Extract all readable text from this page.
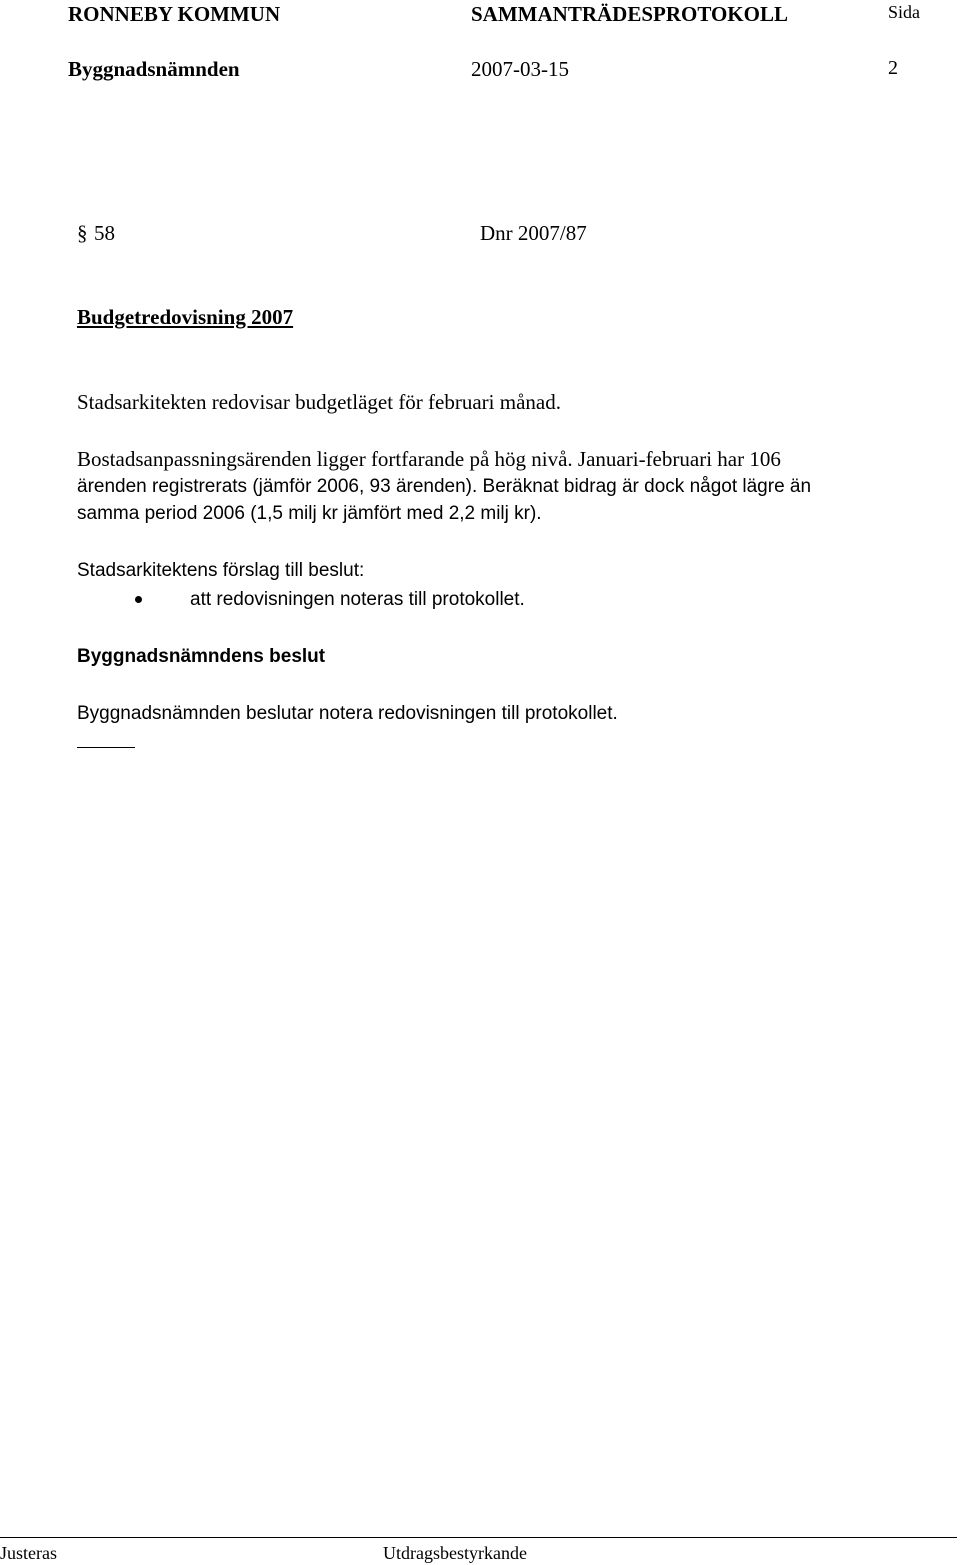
RONNEBY KOMMUN	SAMMANTRÄDESPROTOKOLL	Sida
Byggnadsnämnden	2007-03-15	2
§ 58	Dnr 2007/87
Budgetredovisning 2007
Stadsarkitekten redovisar budgetläget för februari månad.
Bostadsanpassningsärenden ligger fortfarande på hög nivå. Januari-februari har 106
ärenden registrerats (jämför 2006, 93 ärenden). Beräknat bidrag är dock något lägre än
samma period 2006 (1,5 milj kr jämfört med 2,2 milj kr).
Stadsarkitektens förslag till beslut:
att redovisningen noteras till protokollet.
Byggnadsnämndens beslut
Byggnadsnämnden beslutar notera redovisningen till protokollet.
Justeras	Utdragsbestyrkande
